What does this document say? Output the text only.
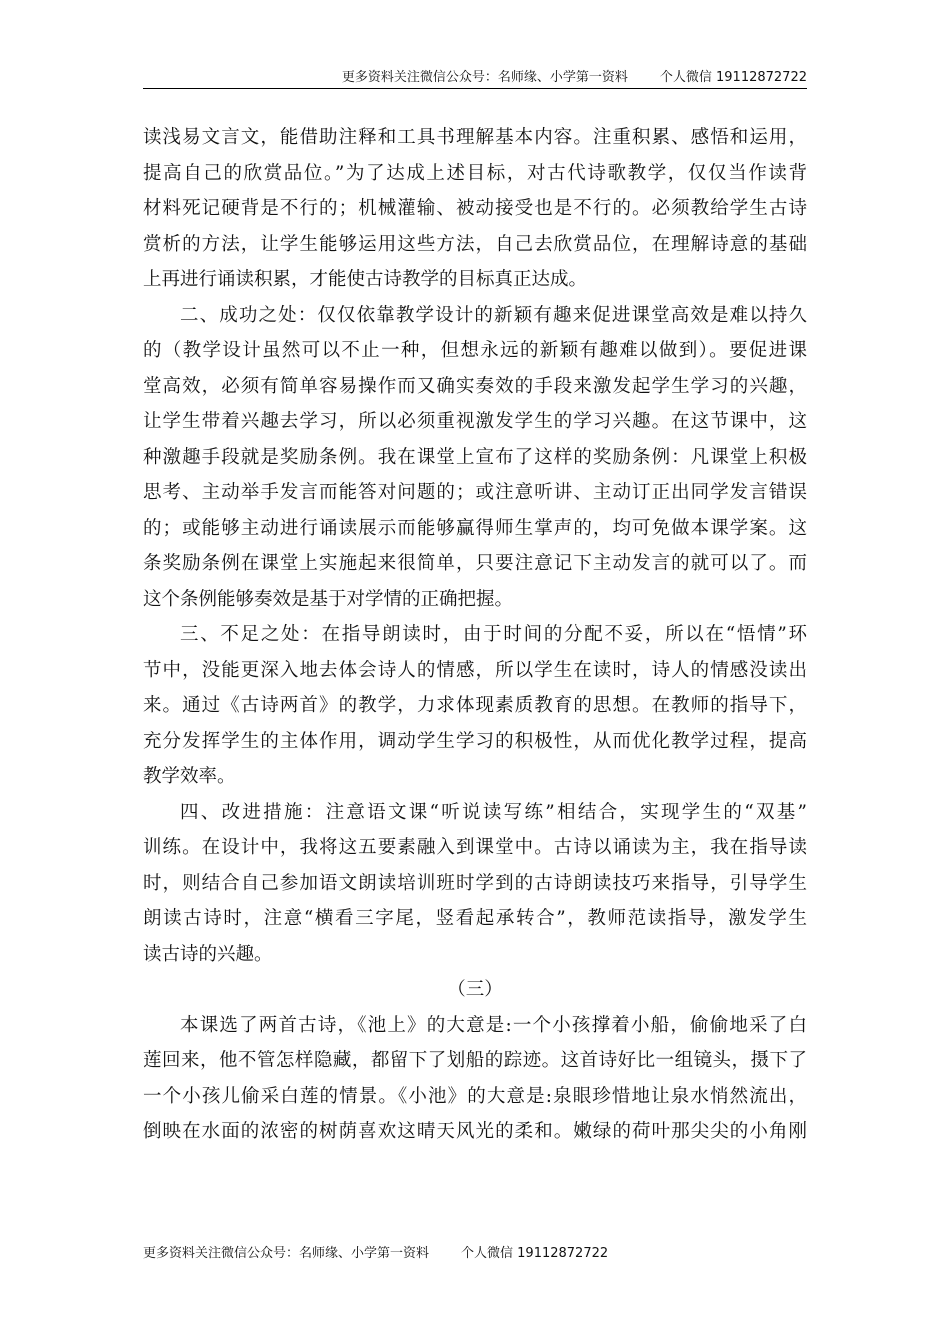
更多资料关注微信公众号：名师缘、小学第一资料 个人微信 19112872722
读浅易文言文，能借助注释和工具书理解基本内容。注重积累、感悟和运用，
提高自己的欣赏品位。”为了达成上述目标，对古代诗歌教学，仅仅当作读背
材料死记硬背是不行的；机械灌输、被动接受也是不行的。必须教给学生古诗
赏析的方法，让学生能够运用这些方法，自己去欣赏品位，在理解诗意的基础
上再进行诵读积累，才能使古诗教学的目标真正达成。
二、成功之处：仅仅依靠教学设计的新颖有趣来促进课堂高效是难以持久
的（教学设计虽然可以不止一种，但想永远的新颖有趣难以做到）。要促进课
堂高效，必须有简单容易操作而又确实奏效的手段来激发起学生学习的兴趣，
让学生带着兴趣去学习，所以必须重视激发学生的学习兴趣。在这节课中，这
种激趣手段就是奖励条例。我在课堂上宣布了这样的奖励条例：凡课堂上积极
思考、主动举手发言而能答对问题的；或注意听讲、主动订正出同学发言错误
的；或能够主动进行诵读展示而能够赢得师生掌声的，均可免做本课学案。这
条奖励条例在课堂上实施起来很简单，只要注意记下主动发言的就可以了。而
这个条例能够奏效是基于对学情的正确把握。
三、不足之处：在指导朗读时，由于时间的分配不妥，所以在“悟情”环
节中，没能更深入地去体会诗人的情感，所以学生在读时，诗人的情感没读出
来。通过《古诗两首》的教学，力求体现素质教育的思想。在教师的指导下，
充分发挥学生的主体作用，调动学生学习的积极性，从而优化教学过程，提高
教学效率。
四、改进措施：注意语文课“听说读写练”相结合，实现学生的“双基”
训练。在设计中，我将这五要素融入到课堂中。古诗以诵读为主，我在指导读
时，则结合自己参加语文朗读培训班时学到的古诗朗读技巧来指导，引导学生
朗读古诗时，注意“横看三字尾，竖看起承转合”，教师范读指导，激发学生
读古诗的兴趣。
（三）
本课选了两首古诗，《池上》的大意是:一个小孩撑着小船，偷偷地采了白
莲回来，他不管怎样隐藏，都留下了划船的踪迹。这首诗好比一组镜头，摄下了
一个小孩儿偷采白莲的情景。《小池》的大意是:泉眼珍惜地让泉水悄然流出，
倒映在水面的浓密的树荫喜欢这晴天风光的柔和。嫩绿的荷叶那尖尖的小角刚
更多资料关注微信公众号：名师缘、小学第一资料 个人微信 19112872722
